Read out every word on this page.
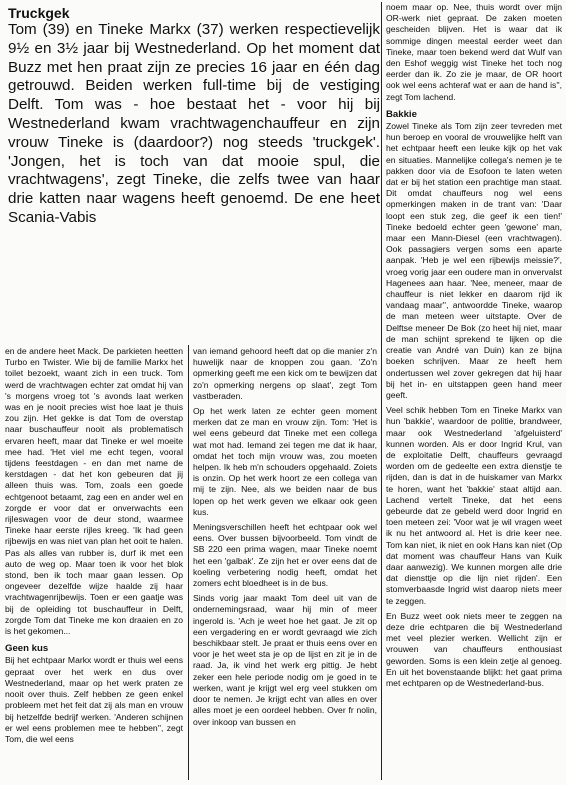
Truckgek
Tom (39) en Tineke Markx (37) werken respectievelijk 9½ en 3½ jaar bij Westnederland. Op het moment dat Buzz met hen praat zijn ze precies 16 jaar en één dag getrouwd. Beiden werken full-time bij de vestiging Delft. Tom was - hoe bestaat het - voor hij bij Westnederland kwam vrachtwagenchauffeur en zijn vrouw Tineke is (daardoor?) nog steeds 'truckgek'. 'Jongen, het is toch van dat mooie spul, die vrachtwagens', zegt Tineke, die zelfs twee van haar drie katten naar wagens heeft genoemd. De ene heet Scania-Vabis

en de andere heet Mack. De parkieten heetten Turbo en Twister. Wie bij de familie Markx het toilet bezoekt, waant zich in een truck. Tom werd de vrachtwagen echter zat omdat hij van 's morgens vroeg tot 's avonds laat werken was en je nooit precies wist hoe laat je thuis zou zijn. Het gekke is dat Tom de overstap naar buschauffeur nooit als problematisch ervaren heeft, maar dat Tineke er wel moeite mee had. 'Het viel me echt tegen, vooral tijdens feestdagen - en dan met name de kerstdagen - dat het kon gebeuren dat jij alleen thuis was. Tom, zoals een goede echtgenoot betaamt, zag een en ander wel en zorgde er voor dat er onverwachts een rijleswagen voor de deur stond, waarmee Tineke haar eerste rijles kreeg. 'Ik had geen rijbewijs en was niet van plan het ooit te halen. Pas als alles van rubber is, durf ik met een auto de weg op. Maar toen ik voor het blok stond, ben ik toch maar gaan lessen. Op ongeveer dezelfde wijze haalde zij haar vrachtwagenrijbewijs. Toen er een gaatje was bij de opleiding tot buschauffeur in Delft, zorgde Tom dat Tineke me kon draaien en zo is het gekomen...

Geen kus

Bij het echtpaar Markx wordt er thuis wel eens gepraat over het werk en dus over Westnederland, maar op het werk praten ze nooit over thuis. Zelf hebben ze geen enkel probleem met het feit dat zij als man en vrouw bij hetzelfde bedrijf werken. 'Anderen schijnen er wel eens problemen mee te hebben'', zegt Tom, die wel eens

van iemand gehoord heeft dat op die manier z'n huwelijk naar de knoppen zou gaan. 'Zo'n opmerking geeft me een kick om te bewijzen dat zo'n opmerking nergens op slaat', zegt Tom vastberaden.

Op het werk laten ze echter geen moment merken dat ze man en vrouw zijn. Tom: 'Het is wel eens gebeurd dat Tineke met een collega wat mot had. Iemand zei tegen me dat ik haar, omdat het toch mijn vrouw was, zou moeten helpen. Ik heb m'n schouders opgehaald. Zoiets is onzin. Op het werk hoort ze een collega van mij te zijn. Nee, als we beiden naar de bus lopen op het werk geven we elkaar ook geen kus.

Meningsverschillen heeft het echtpaar ook wel eens. Over bussen bijvoorbeeld. Tom vindt de SB 220 een prima wagen, maar Tineke noemt het een 'galbak'. Ze zijn het er over eens dat de koeling verbetering nodig heeft, omdat het zomers echt bloedheet is in de bus.

Sinds vorig jaar maakt Tom deel uit van de ondernemingsraad, waar hij min of meer ingerold is. 'Ach je weet hoe het gaat. Je zit op een vergadering en er wordt gevraagd wie zich beschikbaar stelt. Je praat er thuis eens over en voor je het weet sta je op de lijst en zit je in de raad. Ja, ik vind het werk erg pittig. Je hebt zeker een hele periode nodig om je goed in te werken, want je krijgt wel erg veel stukken om door te nemen. Je krijgt echt van alles en over alles moet je een oordeel hebben. Over fr nolin, over inkoop van bussen en

noem maar op. Nee, thuis wordt over mijn OR-werk niet gepraat. De zaken moeten gescheiden blijven. Het is waar dat ik sommige dingen meestal eerder weet dan Tineke, maar toen bekend werd dat Wulf van den Eshof weggig wist Tineke het toch nog eerder dan ik. Zo zie je maar, de OR hoort ook wel eens achteraf wat er aan de hand is'', zegt Tom lachend.

Bakkie

Zowel Tineke als Tom zijn zeer tevreden met hun beroep en vooral de vrouwelijke helft van het echtpaar heeft een leuke kijk op het vak en situaties. Mannelijke collega's nemen je te pakken door via de Esofoon te laten weten dat er bij het station een prachtige man staat. Dit omdat chauffeurs nog wel eens opmerkingen maken in de trant van: 'Daar loopt een stuk zeg, die geef ik een tien!' Tineke bedoeld echter geen 'gewone' man, maar een Mann-Diesel (een vrachtwagen). Ook passagiers vergen soms een aparte aanpak. 'Heb je wel een rijbewijs meissie?', vroeg vorig jaar een oudere man in onvervalst Hagenees aan haar. 'Nee, meneer, maar de chauffeur is niet lekker en daarom rijd ik vandaag maar'', antwoordde Tineke, waarop de man meteen weer uitstapte. Over de Delftse meneer De Bok (zo heet hij niet, maar de man schijnt sprekend te lijken op die creatie van André van Duin) kan ze bijna boeken schrijven. Maar ze heeft hem ondertussen wel zover gekregen dat hij haar bij het in- en uitstappen geen hand meer geeft.

Veel schik hebben Tom en Tineke Markx van hun 'bakkie', waardoor de politie, brandweer, maar ook Westnederland 'afgeluisterd' kunnen worden. Als er door Ingrid Krul, van de exploitatie Delft, chauffeurs gevraagd worden om de gedeelte een extra dienstje te rijden, dan is dat in de huiskamer van Markx te horen, want het 'bakkie' staat altijd aan. Lachend vertelt Tineke, dat het eens gebeurde dat ze gebeld werd door Ingrid en toen meteen zei: 'Voor wat je wil vragen weet ik nu het antwoord al. Het is drie keer nee. Tom kan niet, ik niet en ook Hans kan niet (Op dat moment was chauffeur Hans van Kuik daar aanwezig). We kunnen morgen alle drie dat diensttje op die lijn niet rijden'. Een stomverbaasde Ingrid wist daarop niets meer te zeggen.

En Buzz weet ook niets meer te zeggen na deze drie echtparen die bij Westnederland met veel plezier werken. Wellicht zijn er vrouwen van chauffeurs enthousiast geworden. Soms is een klein zetje al genoeg. En uit het bovenstaande blijkt: het gaat prima met echtparen op de Westnederland-bus.
